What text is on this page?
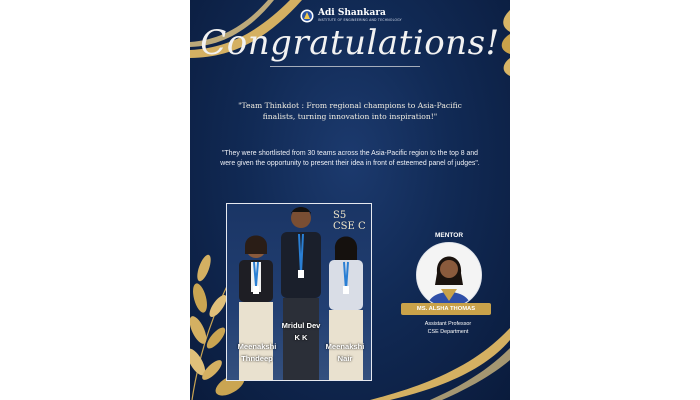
Adi Shankara
INSTITUTE OF ENGINEERING AND TECHNOLOGY
Congratulations!
"Team Thinkdot : From regional champions to Asia-Pacific finalists, turning innovation into inspiration!"
"They were shortlisted from 30 teams across the Asia-Pacific region to the top 8 and were given the opportunity to present their idea in front of esteemed panel of judges".
S5 CSE C
Meenakshi
Thndeep
Mridul Dev
K K
Meenakshi
Nair
MENTOR
MS. ALSHA THOMAS
Assistant Professor
CSE Department
